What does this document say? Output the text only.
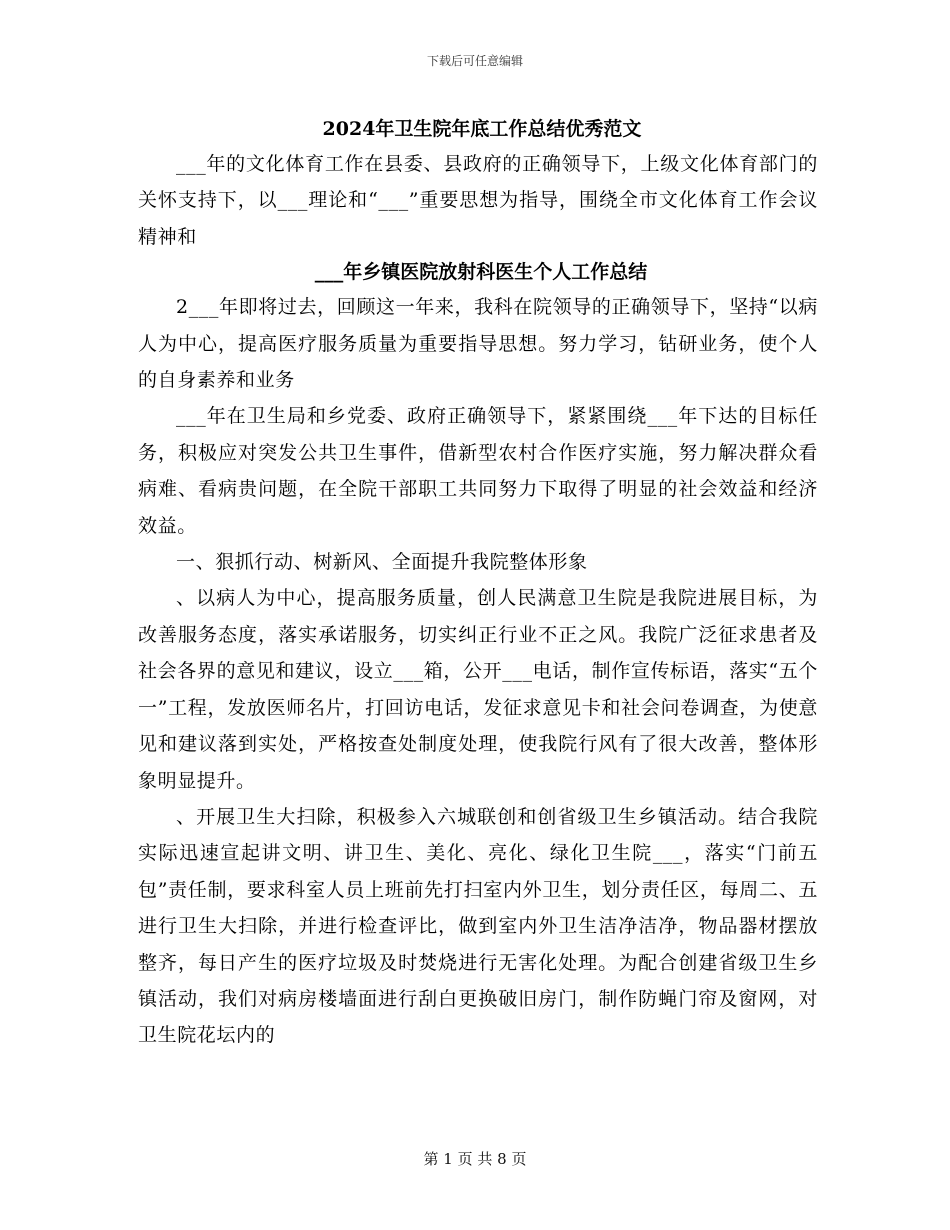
下载后可任意编辑
2024年卫生院年底工作总结优秀范文

___年的文化体育工作在县委、县政府的正确领导下，上级文化体育部门的关怀支持下，以___理论和“___”重要思想为指导，围绕全市文化体育工作会议精神和

___年乡镇医院放射科医生个人工作总结

2___年即将过去，回顾这一年来，我科在院领导的正确领导下，坚持“以病人为中心，提高医疗服务质量为重要指导思想。努力学习，钻研业务，使个人的自身素养和业务

___年在卫生局和乡党委、政府正确领导下，紧紧围绕___年下达的目标任务，积极应对突发公共卫生事件，借新型农村合作医疗实施，努力解决群众看病难、看病贵问题，在全院干部职工共同努力下取得了明显的社会效益和经济效益。

一、狠抓行动、树新风、全面提升我院整体形象

、以病人为中心，提高服务质量，创人民满意卫生院是我院进展目标，为改善服务态度，落实承诺服务，切实纠正行业不正之风。我院广泛征求患者及社会各界的意见和建议，设立___箱，公开___电话，制作宣传标语，落实“五个一”工程，发放医师名片，打回访电话，发征求意见卡和社会问卷调查，为使意见和建议落到实处，严格按查处制度处理，使我院行风有了很大改善，整体形象明显提升。

、开展卫生大扫除，积极参入六城联创和创省级卫生乡镇活动。结合我院实际迅速宣起讲文明、讲卫生、美化、亮化、绿化卫生院___，落实“门前五包”责任制，要求科室人员上班前先打扫室内外卫生，划分责任区，每周二、五进行卫生大扫除，并进行检查评比，做到室内外卫生洁净洁净，物品器材摆放整齐，每日产生的医疗垃圾及时焚烧进行无害化处理。为配合创建省级卫生乡镇活动，我们对病房楼墙面进行刮白更换破旧房门，制作防蝇门帘及窗网，对卫生院花坛内的

第 1 页 共 8 页
